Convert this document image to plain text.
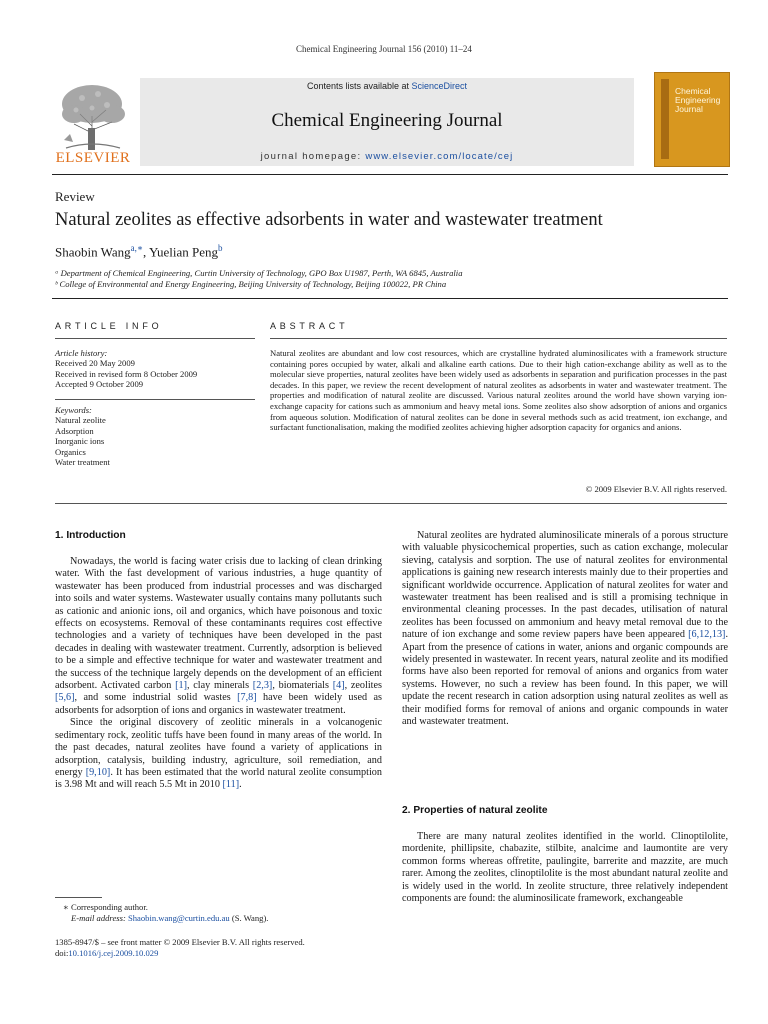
Chemical Engineering Journal 156 (2010) 11–24
ELSEVIER
Contents lists available at ScienceDirect
Chemical Engineering Journal
journal homepage: www.elsevier.com/locate/cej
Chemical
Engineering
Journal
Review
Natural zeolites as effective adsorbents in water and wastewater treatment
Shaobin Wang$^{a,∗}$, Yuelian Peng$^b$
ᵃ Department of Chemical Engineering, Curtin University of Technology, GPO Box U1987, Perth, WA 6845, Australia
ᵇ College of Environmental and Energy Engineering, Beijing University of Technology, Beijing 100022, PR China
ARTICLE INFO
Article history:
Received 20 May 2009
Received in revised form 8 October 2009
Accepted 9 October 2009
Keywords:
Natural zeolite
Adsorption
Inorganic ions
Organics
Water treatment
ABSTRACT
Natural zeolites are abundant and low cost resources, which are crystalline hydrated aluminosilicates with a framework structure containing pores occupied by water, alkali and alkaline earth cations. Due to their high cation-exchange ability as well as to the molecular sieve properties, natural zeolites have been widely used as adsorbents in separation and purification processes in the past decades. In this paper, we review the recent development of natural zeolites as adsorbents in water and wastewater treatment. The properties and modification of natural zeolite are discussed. Various natural zeolites around the world have shown varying ion-exchange capacity for cations such as ammonium and heavy metal ions. Some zeolites also show adsorption of anions and organics from aqueous solution. Modification of natural zeolites can be done in several methods such as acid treatment, ion exchange, and surfactant functionalisation, making the modified zeolites achieving higher adsorption capacity for organics and anions.
© 2009 Elsevier B.V. All rights reserved.
1. Introduction

Nowadays, the world is facing water crisis due to lacking of clean drinking water. With the fast development of various industries, a huge quantity of wastewater has been produced from industrial processes and was discharged into soils and water systems. Wastewater usually contains many pollutants such as cationic and anionic ions, oil and organics, which have poisonous and toxic effects on ecosystems. Removal of these contaminants requires cost effective technologies and a variety of techniques have been developed in the past decades in dealing with wastewater treatment. Currently, adsorption is believed to be a simple and effective technique for water and wastewater treatment and the success of the technique largely depends on the development of an efficient adsorbent. Activated carbon [1], clay minerals [2,3], biomaterials [4], zeolites [5,6], and some industrial solid wastes [7,8] have been widely used as adsorbents for adsorption of ions and organics in wastewater treatment.

Since the original discovery of zeolitic minerals in a volcanogenic sedimentary rock, zeolitic tuffs have been found in many areas of the world. In the past decades, natural zeolites have found a variety of applications in adsorption, catalysis, building industry, agriculture, soil remediation, and energy [9,10]. It has been estimated that the world natural zeolite consumption is 3.98 Mt and will reach 5.5 Mt in 2010 [11].

Natural zeolites are hydrated aluminosilicate minerals of a porous structure with valuable physicochemical properties, such as cation exchange, molecular sieving, catalysis and sorption. The use of natural zeolites for environmental applications is gaining new research interests mainly due to their properties and significant worldwide occurrence. Application of natural zeolites for water and wastewater treatment has been realised and is still a promising technique in environmental cleaning processes. In the past decades, utilisation of natural zeolites has been focussed on ammonium and heavy metal removal due to the nature of ion exchange and some review papers have been appeared [6,12,13]. Apart from the presence of cations in water, anions and organic compounds are widely presented in wastewater. In recent years, natural zeolite and its modified forms have also been reported for removal of anions and organics from water systems. However, no such a review has been found. In this paper, we will update the recent research in cation adsorption using natural zeolites as well as their modified forms for removal of anions and organic compounds in water and wastewater treatment.

2. Properties of natural zeolite

There are many natural zeolites identified in the world. Clinoptilolite, mordenite, phillipsite, chabazite, stilbite, analcime and laumontite are very common forms whereas offretite, paulingite, barrerite and mazzite, are much rarer. Among the zeolites, clinoptilolite is the most abundant natural zeolite and is widely used in the world. In zeolite structure, three relatively independent components are found: the aluminosilicate framework, exchangeable

∗ Corresponding author.
E-mail address: Shaobin.wang@curtin.edu.au (S. Wang).
1385-8947/$ – see front matter © 2009 Elsevier B.V. All rights reserved.
doi:10.1016/j.cej.2009.10.029
